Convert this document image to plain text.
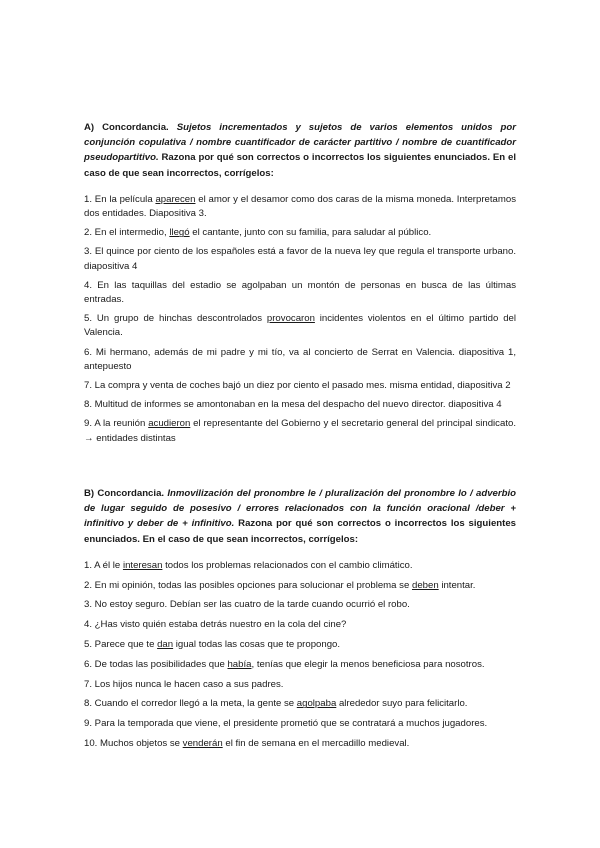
A) Concordancia. Sujetos incrementados y sujetos de varios elementos unidos por conjunción copulativa / nombre cuantificador de carácter partitivo / nombre de cuantificador pseudopartitivo. Razona por qué son correctos o incorrectos los siguientes enunciados. En el caso de que sean incorrectos, corrígelos:

1. En la película aparecen el amor y el desamor como dos caras de la misma moneda. Interpretamos dos entidades. Diapositiva 3.

2. En el intermedio, llegó el cantante, junto con su familia, para saludar al público.

3. El quince por ciento de los españoles está a favor de la nueva ley que regula el transporte urbano. diapositiva 4

4. En las taquillas del estadio se agolpaban un montón de personas en busca de las últimas entradas.

5. Un grupo de hinchas descontrolados provocaron incidentes violentos en el último partido del Valencia.

6. Mi hermano, además de mi padre y mi tío, va al concierto de Serrat en Valencia. diapositiva 1, antepuesto

7. La compra y venta de coches bajó un diez por ciento el pasado mes. misma entidad, diapositiva 2

8. Multitud de informes se amontonaban en la mesa del despacho del nuevo director. diapositiva 4

9. A la reunión acudieron el representante del Gobierno y el secretario general del principal sindicato. → entidades distintas

B) Concordancia. Inmovilización del pronombre le / pluralización del pronombre lo / adverbio de lugar seguido de posesivo / errores relacionados con la función oracional /deber + infinitivo y deber de + infinitivo. Razona por qué son correctos o incorrectos los siguientes enunciados. En el caso de que sean incorrectos, corrígelos:

1. A él le interesan todos los problemas relacionados con el cambio climático.

2. En mi opinión, todas las posibles opciones para solucionar el problema se deben intentar.

3. No estoy seguro. Debían ser las cuatro de la tarde cuando ocurrió el robo.

4. ¿Has visto quién estaba detrás nuestro en la cola del cine?

5. Parece que te dan igual todas las cosas que te propongo.

6. De todas las posibilidades que había, tenías que elegir la menos beneficiosa para nosotros.

7. Los hijos nunca le hacen caso a sus padres.

8. Cuando el corredor llegó a la meta, la gente se agolpaba alrededor suyo para felicitarlo.

9. Para la temporada que viene, el presidente prometió que se contratará a muchos jugadores.

10. Muchos objetos se venderán el fin de semana en el mercadillo medieval.
